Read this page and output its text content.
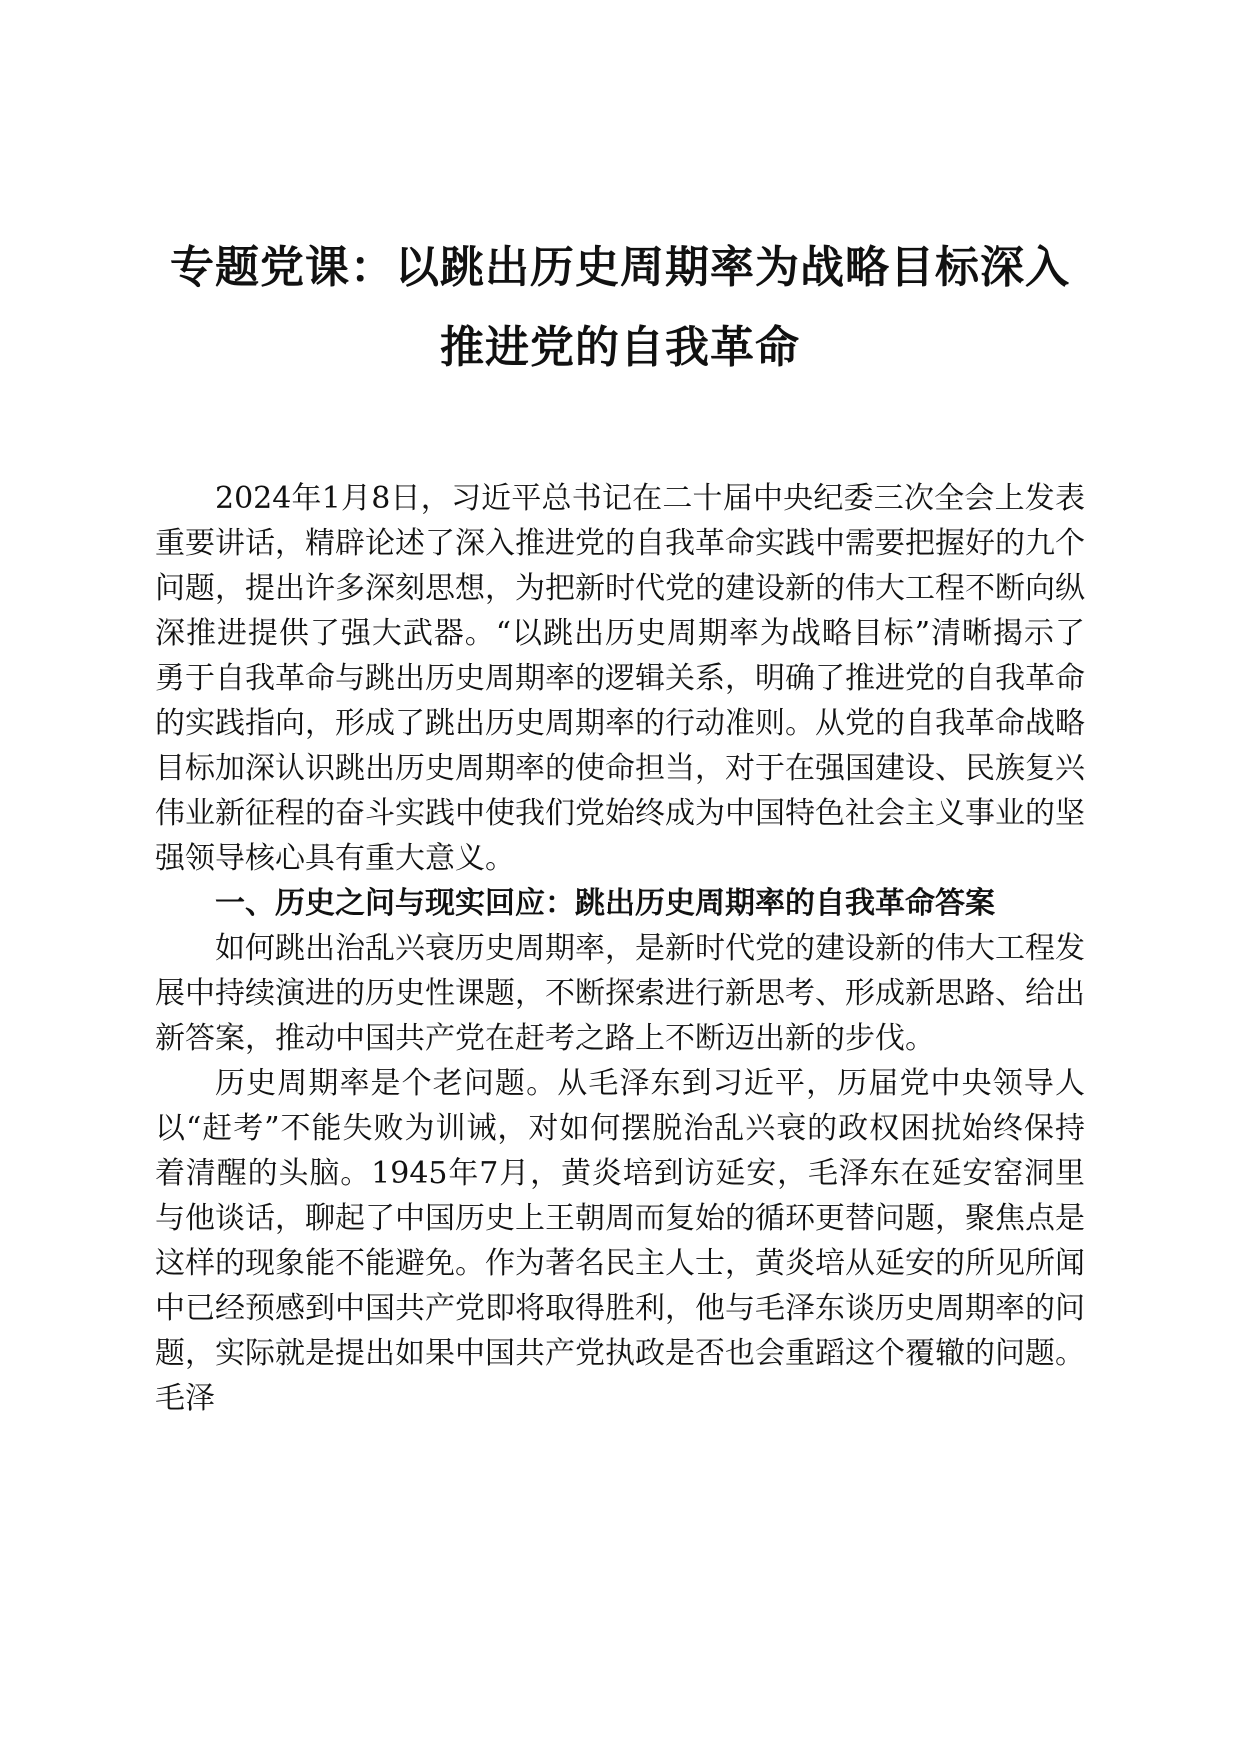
专题党课：以跳出历史周期率为战略目标深入
推进党的自我革命

2024年1月8日，习近平总书记在二十届中央纪委三次全会上发表重要讲话，精辟论述了深入推进党的自我革命实践中需要把握好的九个问题，提出许多深刻思想，为把新时代党的建设新的伟大工程不断向纵深推进提供了强大武器。“以跳出历史周期率为战略目标”清晰揭示了勇于自我革命与跳出历史周期率的逻辑关系，明确了推进党的自我革命的实践指向，形成了跳出历史周期率的行动准则。从党的自我革命战略目标加深认识跳出历史周期率的使命担当，对于在强国建设、民族复兴伟业新征程的奋斗实践中使我们党始终成为中国特色社会主义事业的坚强领导核心具有重大意义。

一、历史之问与现实回应：跳出历史周期率的自我革命答案

如何跳出治乱兴衰历史周期率，是新时代党的建设新的伟大工程发展中持续演进的历史性课题，不断探索进行新思考、形成新思路、给出新答案，推动中国共产党在赶考之路上不断迈出新的步伐。

历史周期率是个老问题。从毛泽东到习近平，历届党中央领导人以“赶考”不能失败为训诫，对如何摆脱治乱兴衰的政权困扰始终保持着清醒的头脑。1945年7月，黄炎培到访延安，毛泽东在延安窑洞里与他谈话，聊起了中国历史上王朝周而复始的循环更替问题，聚焦点是这样的现象能不能避免。作为著名民主人士，黄炎培从延安的所见所闻中已经预感到中国共产党即将取得胜利，他与毛泽东谈历史周期率的问题，实际就是提出如果中国共产党执政是否也会重蹈这个覆辙的问题。毛泽
